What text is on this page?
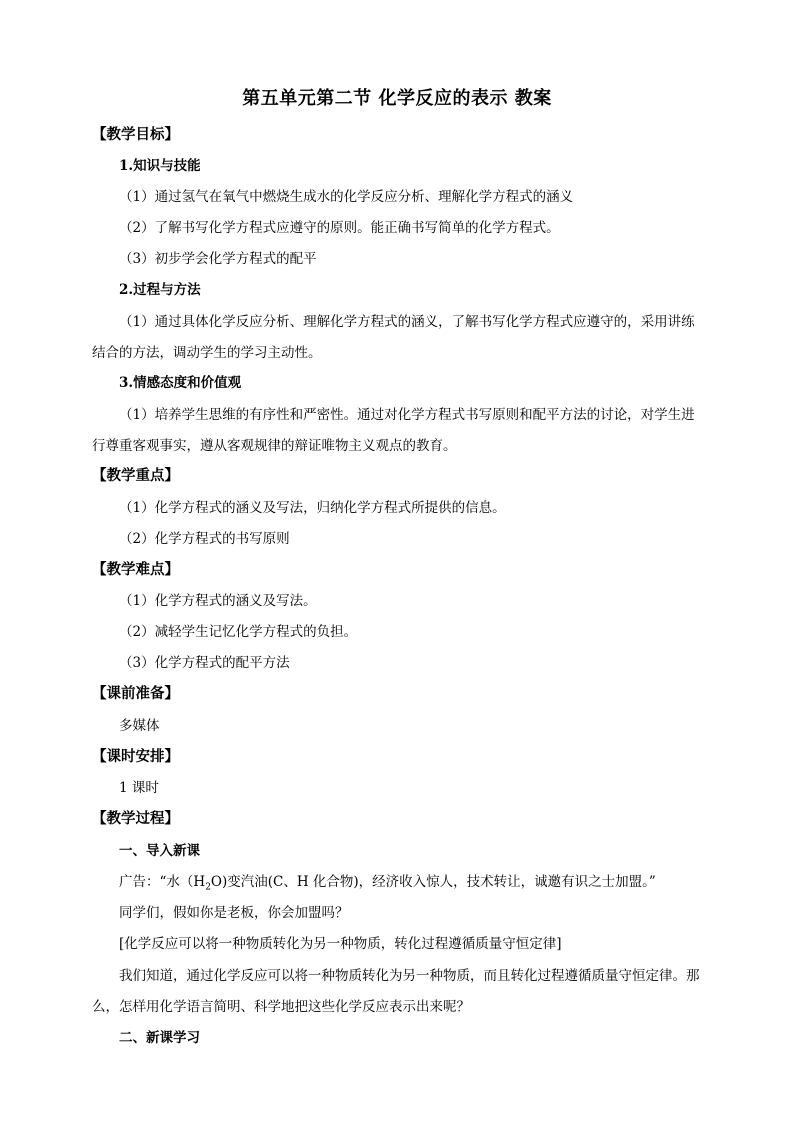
第五单元第二节 化学反应的表示 教案
【教学目标】
1.知识与技能
（1）通过氢气在氧气中燃烧生成水的化学反应分析、理解化学方程式的涵义
（2）了解书写化学方程式应遵守的原则。能正确书写简单的化学方程式。
（3）初步学会化学方程式的配平
2.过程与方法
（1）通过具体化学反应分析、理解化学方程式的涵义，了解书写化学方程式应遵守的，采用讲练结合的方法，调动学生的学习主动性。
3.情感态度和价值观
（1）培养学生思维的有序性和严密性。通过对化学方程式书写原则和配平方法的讨论，对学生进行尊重客观事实，遵从客观规律的辩证唯物主义观点的教育。
【教学重点】
（1）化学方程式的涵义及写法，归纳化学方程式所提供的信息。
（2）化学方程式的书写原则
【教学难点】
（1）化学方程式的涵义及写法。
（2）减轻学生记忆化学方程式的负担。
（3）化学方程式的配平方法
【课前准备】
多媒体
【课时安排】
1 课时
【教学过程】
一、导入新课
广告：“水$(H_2O)$变汽油(C、H 化合物)，经济收入惊人，技术转让，诚邀有识之士加盟。”
同学们，假如你是老板，你会加盟吗？
[化学反应可以将一种物质转化为另一种物质，转化过程遵循质量守恒定律]
我们知道，通过化学反应可以将一种物质转化为另一种物质，而且转化过程遵循质量守恒定律。那么，怎样用化学语言简明、科学地把这些化学反应表示出来呢？
二、新课学习
